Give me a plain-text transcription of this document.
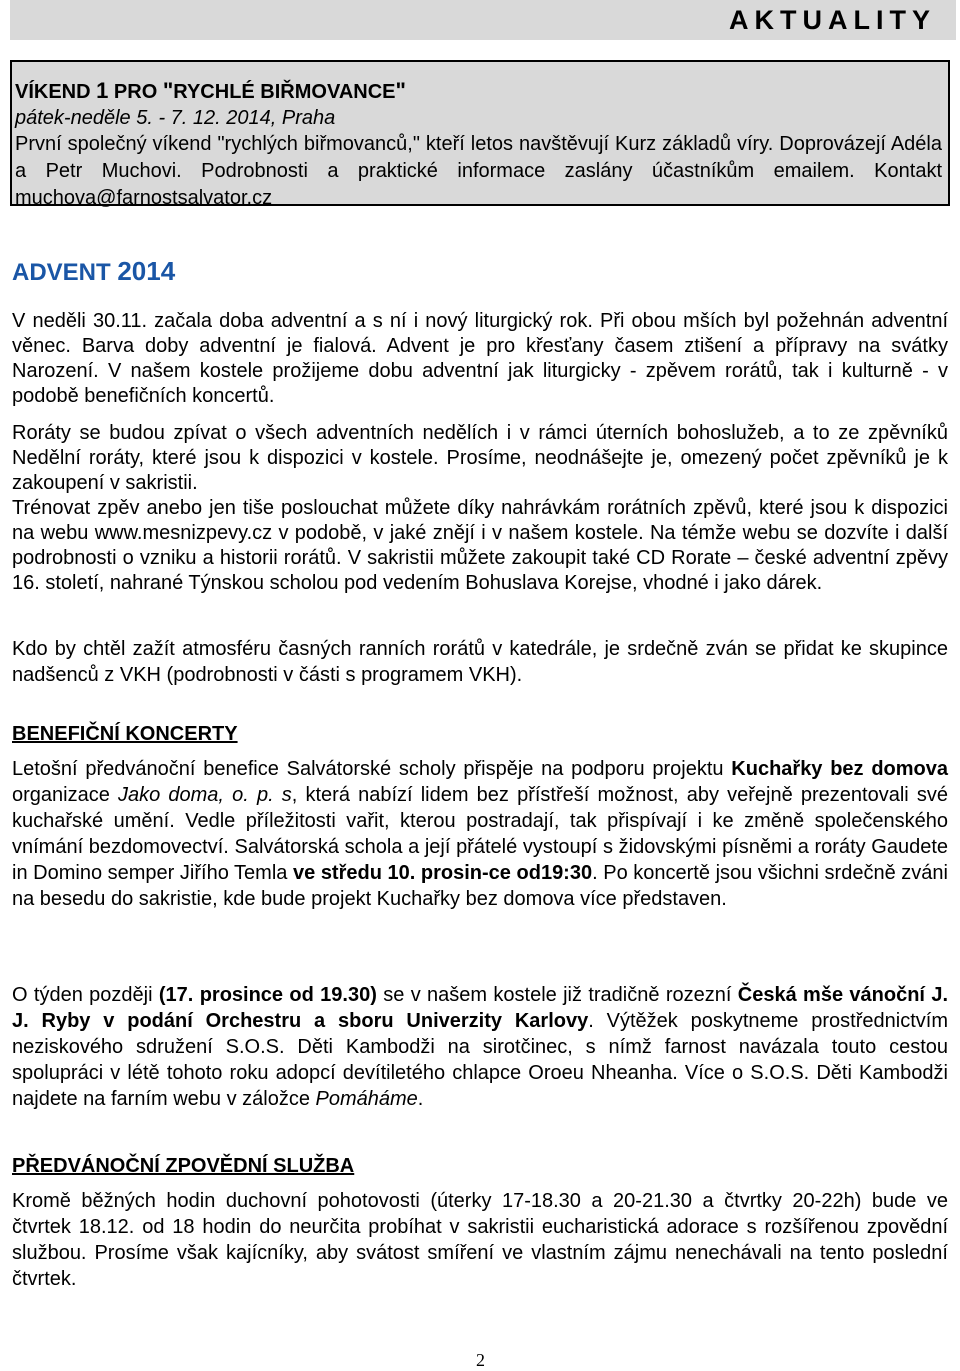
AKTUALITY
VÍKEND 1 PRO "RYCHLÉ BIŘMOVANCE"
pátek-neděle 5. - 7. 12. 2014, Praha
První společný víkend "rychlých biřmovanců," kteří letos navštěvují Kurz základů víry. Doprovázejí Adéla a Petr Muchovi. Podrobnosti a praktické informace zaslány účastníkům emailem. Kontakt muchova@farnostsalvator.cz
ADVENT 2014

V neděli 30.11. začala doba adventní a s ní i nový liturgický rok. Při obou mších byl požehnán adventní věnec. Barva doby adventní je fialová. Advent je pro křesťany časem ztišení a přípravy na svátky Narození. V našem kostele prožijeme dobu adventní jak liturgicky - zpěvem rorátů, tak i kulturně - v podobě benefičních koncertů.

Roráty se budou zpívat o všech adventních nedělích i v rámci úterních bohoslužeb, a to ze zpěvníků Nedělní roráty, které jsou k dispozici v kostele. Prosíme, neodnášejte je, omezený počet zpěvníků je k zakoupení v sakristii.

Trénovat zpěv anebo jen tiše poslouchat můžete díky nahrávkám rorátních zpěvů, které jsou k dispozici na webu www.mesnizpevy.cz v podobě, v jaké znějí i v našem kostele. Na témže webu se dozvíte i další podrobnosti o vzniku a historii rorátů. V sakristii můžete zakoupit také CD Rorate – české adventní zpěvy 16. století, nahrané Týnskou scholou pod vedením Bohuslava Korejse, vhodné i jako dárek.

Kdo by chtěl zažít atmosféru časných ranních rorátů v katedrále, je srdečně zván se přidat ke skupince nadšenců z VKH (podrobnosti v části s programem VKH).

BENEFIČNÍ KONCERTY

Letošní předvánoční benefice Salvátorské scholy přispěje na podporu projektu Kuchařky bez domova organizace Jako doma, o. p. s, která nabízí lidem bez přístřeší možnost, aby veřejně prezentovali své kuchařské umění. Vedle příležitosti vařit, kterou postradají, tak přispívají i ke změně společenského vnímání bezdomovectví. Salvátorská schola a její přátelé vystoupí s židovskými písněmi a roráty Gaudete in Domino semper Jiřího Temla ve středu 10. prosin-ce od19:30. Po koncertě jsou všichni srdečně zváni na besedu do sakristie, kde bude projekt Kuchařky bez domova více představen.

O týden později (17. prosince od 19.30) se v našem kostele již tradičně rozezní Česká mše vánoční J. J. Ryby v podání Orchestru a sboru Univerzity Karlovy. Výtěžek poskytneme prostřednictvím neziskového sdružení S.O.S. Děti Kambodži na sirotčinec, s nímž farnost navázala touto cestou spolupráci v létě tohoto roku adopcí devítiletého chlapce Oroeu Nheanha. Více o S.O.S. Děti Kambodži najdete na farním webu v záložce Pomáháme.

PŘEDVÁNOČNÍ ZPOVĚDNÍ SLUŽBA

Kromě běžných hodin duchovní pohotovosti (úterky 17-18.30 a 20-21.30 a čtvrtky 20-22h) bude ve čtvrtek 18.12. od 18 hodin do neurčita probíhat v sakristii eucharistická adorace s rozšířenou zpovědní službou. Prosíme však kajícníky, aby svátost smíření ve vlastním zájmu nenechávali na tento poslední čtvrtek.

2
